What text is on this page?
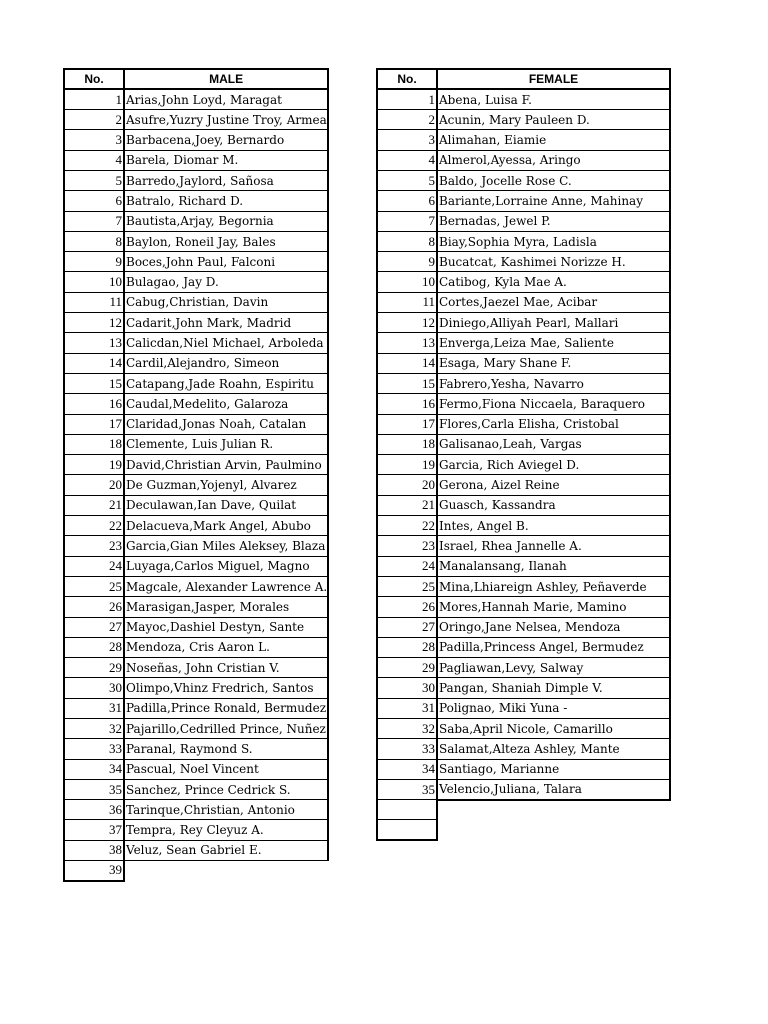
No.	MALE
1	Arias,John Loyd, Maragat
2	Asufre,Yuzry Justine Troy, Armea
3	Barbacena,Joey, Bernardo
4	Barela, Diomar M.
5	Barredo,Jaylord, Sañosa
6	Batralo, Richard D.
7	Bautista,Arjay, Begornia
8	Baylon, Roneil Jay, Bales
9	Boces,John Paul, Falconi
10	Bulagao, Jay D.
11	Cabug,Christian, Davin
12	Cadarit,John Mark, Madrid
13	Calicdan,Niel Michael, Arboleda
14	Cardil,Alejandro, Simeon
15	Catapang,Jade Roahn, Espiritu
16	Caudal,Medelito, Galaroza
17	Claridad,Jonas Noah, Catalan
18	Clemente, Luis Julian R.
19	David,Christian Arvin, Paulmino
20	De Guzman,Yojenyl, Alvarez
21	Deculawan,Ian Dave, Quilat
22	Delacueva,Mark Angel, Abubo
23	Garcia,Gian Miles Aleksey, Blaza
24	Luyaga,Carlos Miguel, Magno
25	Magcale, Alexander Lawrence A.
26	Marasigan,Jasper, Morales
27	Mayoc,Dashiel Destyn, Sante
28	Mendoza, Cris Aaron L.
29	Noseñas, John Cristian V.
30	Olimpo,Vhinz Fredrich, Santos
31	Padilla,Prince Ronald, Bermudez
32	Pajarillo,Cedrilled Prince, Nuñez
33	Paranal, Raymond S.
34	Pascual, Noel Vincent
35	Sanchez, Prince Cedrick S.
36	Tarinque,Christian, Antonio
37	Tempra, Rey Cleyuz A.
38	Veluz, Sean Gabriel E.
39	
No.	FEMALE
1	Abena, Luisa F.
2	Acunin, Mary Pauleen D.
3	Alimahan, Eiamie
4	Almerol,Ayessa, Aringo
5	Baldo, Jocelle Rose C.
6	Bariante,Lorraine Anne, Mahinay
7	Bernadas, Jewel P.
8	Biay,Sophia Myra, Ladisla
9	Bucatcat, Kashimei Norizze H.
10	Catibog, Kyla Mae A.
11	Cortes,Jaezel Mae, Acibar
12	Diniego,Alliyah Pearl, Mallari
13	Enverga,Leiza Mae, Saliente
14	Esaga, Mary Shane F.
15	Fabrero,Yesha, Navarro
16	Fermo,Fiona Niccaela, Baraquero
17	Flores,Carla Elisha, Cristobal
18	Galisanao,Leah, Vargas
19	Garcia, Rich Aviegel D.
20	Gerona, Aizel Reine
21	Guasch, Kassandra
22	Intes, Angel B.
23	Israel, Rhea Jannelle A.
24	Manalansang, Ilanah
25	Mina,Lhiareign Ashley, Peñaverde
26	Mores,Hannah Marie, Mamino
27	Oringo,Jane Nelsea, Mendoza
28	Padilla,Princess Angel, Bermudez
29	Pagliawan,Levy, Salway
30	Pangan, Shaniah Dimple V.
31	Polignao, Miki Yuna -
32	Saba,April Nicole, Camarillo
33	Salamat,Alteza Ashley, Mante
34	Santiago, Marianne
35	Velencio,Juliana, Talara
